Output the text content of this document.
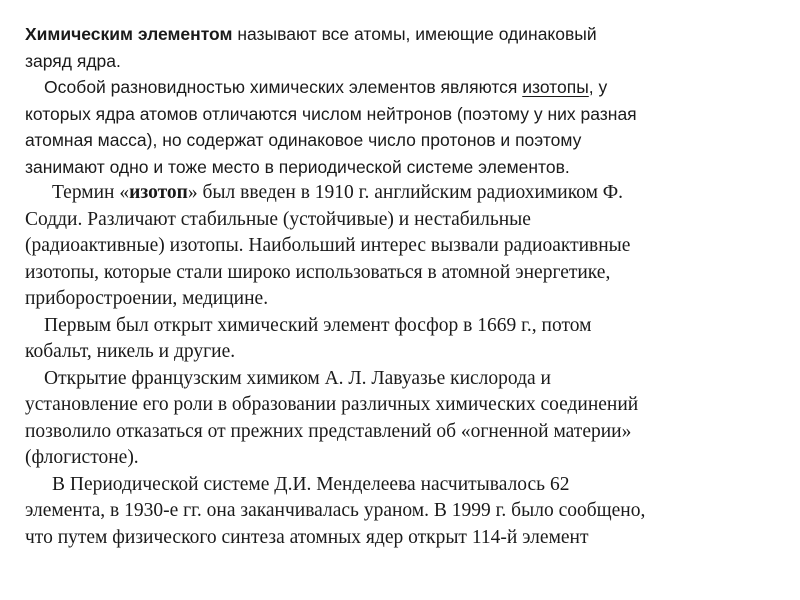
Химическим элементом называют все атомы, имеющие одинаковый
заряд ядра.
Особой разновидностью химических элементов являются изотопы, у
которых ядра атомов отличаются числом нейтронов (поэтому у них разная
атомная масса), но содержат одинаковое число протонов и поэтому
занимают одно и тоже место в периодической системе элементов.
Термин «изотоп» был введен в 1910 г. английским радиохимиком Ф.
Содди. Различают стабильные (устойчивые) и нестабильные
(радиоактивные) изотопы. Наибольший интерес вызвали радиоактивные
изотопы, которые стали широко использоваться в атомной энергетике,
приборостроении, медицине.
Первым был открыт химический элемент фосфор в 1669 г., потом
кобальт, никель и другие.
Открытие французским химиком А. Л. Лавуазье кислорода и
установление его роли в образовании различных химических соединений
позволило отказаться от прежних представлений об «огненной материи»
(флогистоне).
В Периодической системе Д.И. Менделеева насчитывалось 62
элемента, в 1930-е гг. она заканчивалась ураном. В 1999 г. было сообщено,
что путем физического синтеза атомных ядер открыт 114-й элемент
